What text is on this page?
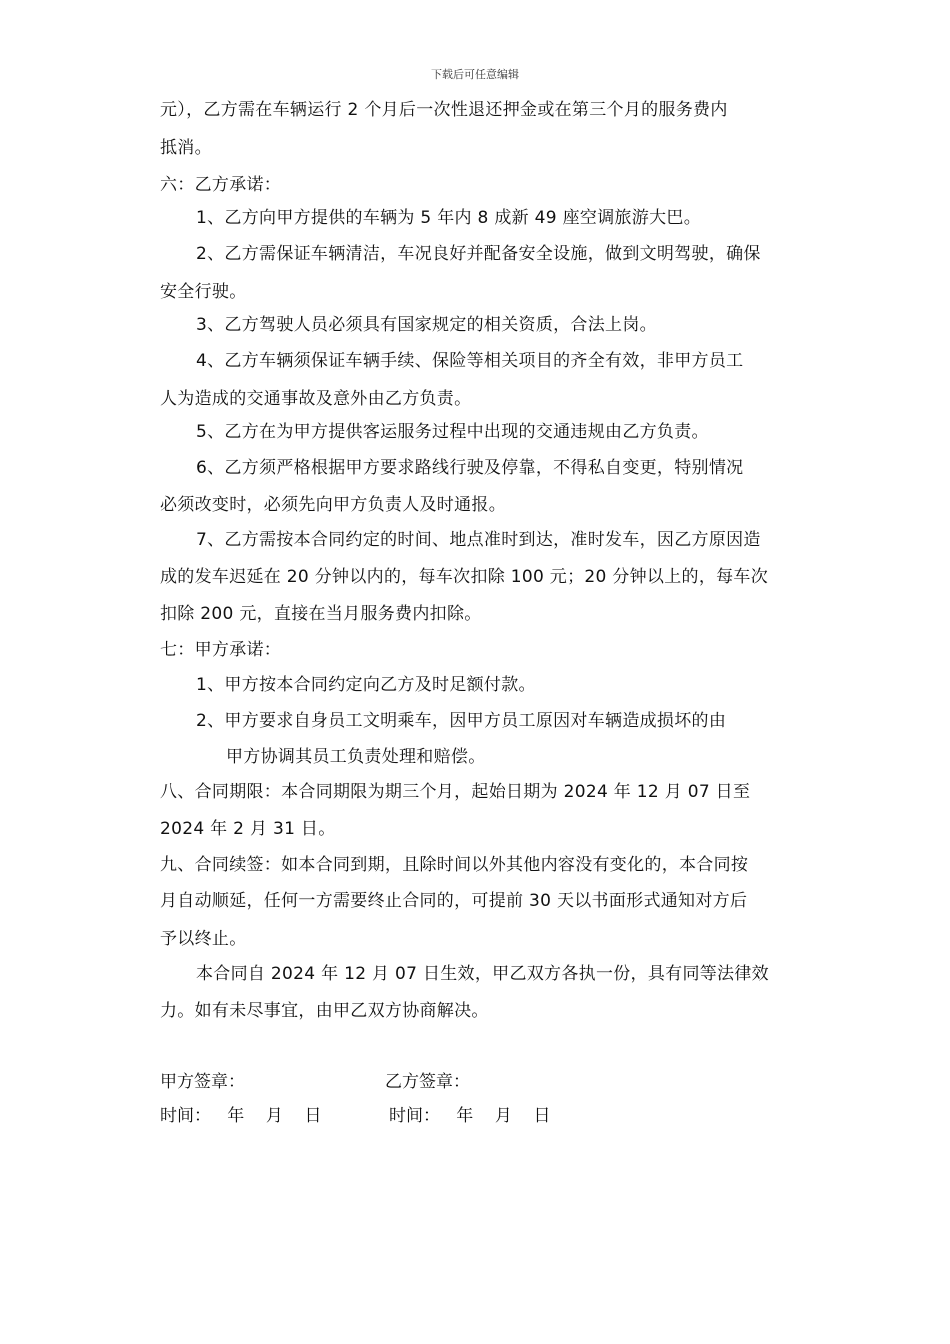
下载后可任意编辑
元），乙方需在车辆运行 2 个月后一次性退还押金或在第三个月的服务费内
抵消。
六：乙方承诺：
1、乙方向甲方提供的车辆为 5 年内 8 成新 49 座空调旅游大巴。
2、乙方需保证车辆清洁，车况良好并配备安全设施，做到文明驾驶，确保
安全行驶。
3、乙方驾驶人员必须具有国家规定的相关资质，合法上岗。
4、乙方车辆须保证车辆手续、保险等相关项目的齐全有效，非甲方员工
人为造成的交通事故及意外由乙方负责。
5、乙方在为甲方提供客运服务过程中出现的交通违规由乙方负责。
6、乙方须严格根据甲方要求路线行驶及停靠，不得私自变更，特别情况
必须改变时，必须先向甲方负责人及时通报。
7、乙方需按本合同约定的时间、地点准时到达，准时发车，因乙方原因造
成的发车迟延在 20 分钟以内的，每车次扣除 100 元；20 分钟以上的，每车次
扣除 200 元，直接在当月服务费内扣除。
七：甲方承诺：
1、甲方按本合同约定向乙方及时足额付款。
2、甲方要求自身员工文明乘车，因甲方员工原因对车辆造成损坏的由
甲方协调其员工负责处理和赔偿。
八、合同期限：本合同期限为期三个月，起始日期为 2024 年 12 月 07 日至
2024 年 2 月 31 日。
九、合同续签：如本合同到期，且除时间以外其他内容没有变化的，本合同按
月自动顺延，任何一方需要终止合同的，可提前 30 天以书面形式通知对方后
予以终止。
本合同自 2024 年 12 月 07 日生效，甲乙双方各执一份，具有同等法律效
力。如有未尽事宜，由甲乙双方协商解决。
甲方签章：	乙方签章：
时间：   年    月    日	时间：   年    月    日
